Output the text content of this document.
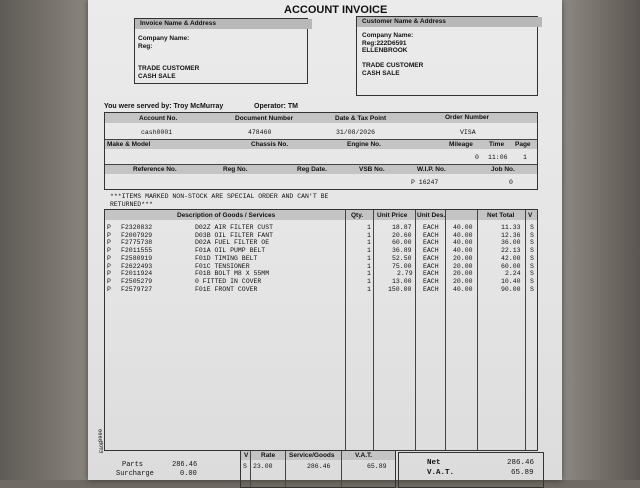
ACCOUNT INVOICE
Invoice Name & Address
Company Name:
Reg:
TRADE CUSTOMER
CASH SALE
Customer Name & Address
Company Name:
Reg:222D6591
ELLENBROOK
TRADE CUSTOMER
CASH SALE
You were served by: Troy McMurray	Operator: TM
Account No.	Document Number	Date & Tax Point	Order Number
cash0001	478460	31/08/2026	VISA
Make & Model	Chassis No.	Engine No.	Mileage Time Page
0 11:06 1
Reference No.	Reg No.	Reg Date.	VSB No.	W.I.P. No.	Job No.
P 16247	0
***ITEMS MARKED NON-STOCK ARE SPECIAL ORDER AND CAN'T BE
RETURNED***
Description of Goods / Services	Qty. Unit Price Unit Des.	Net Total V
P F2320832	D02Z AIR FILTER CUST	1	18.87 EACH 40.00	11.33 S
P F2007929	D03B OIL FILTER FANT	1	20.60 EACH 40.00	12.36 S
P F2775738	D02A FUEL FILTER OE	1	60.00 EACH 40.00	36.00 S
P F2011555	F01A OIL PUMP BELT	1	36.89 EACH 40.00	22.13 S
P F2580919	F01D TIMING BELT	1	52.50 EACH 20.00	42.00 S
P F2622493	F01C TENSIONER	1	75.00 EACH 20.00	60.00 S
P F2011924	F01B BOLT M8 X 55MM	1	2.79 EACH 20.00	2.24 S
P F2505279	0 FITTED IN COVER	1	13.00 EACH 20.00	10.40 S
P F2579727	F01E FRONT COVER	1	150.00 EACH 40.00	90.00 S
0999
E&OE
Parts	286.46
Surcharge	0.00
V Rate Service/Goods	V.A.T.
S 23.00	286.46	65.89	Net	286.46
V.A.T.	65.89
